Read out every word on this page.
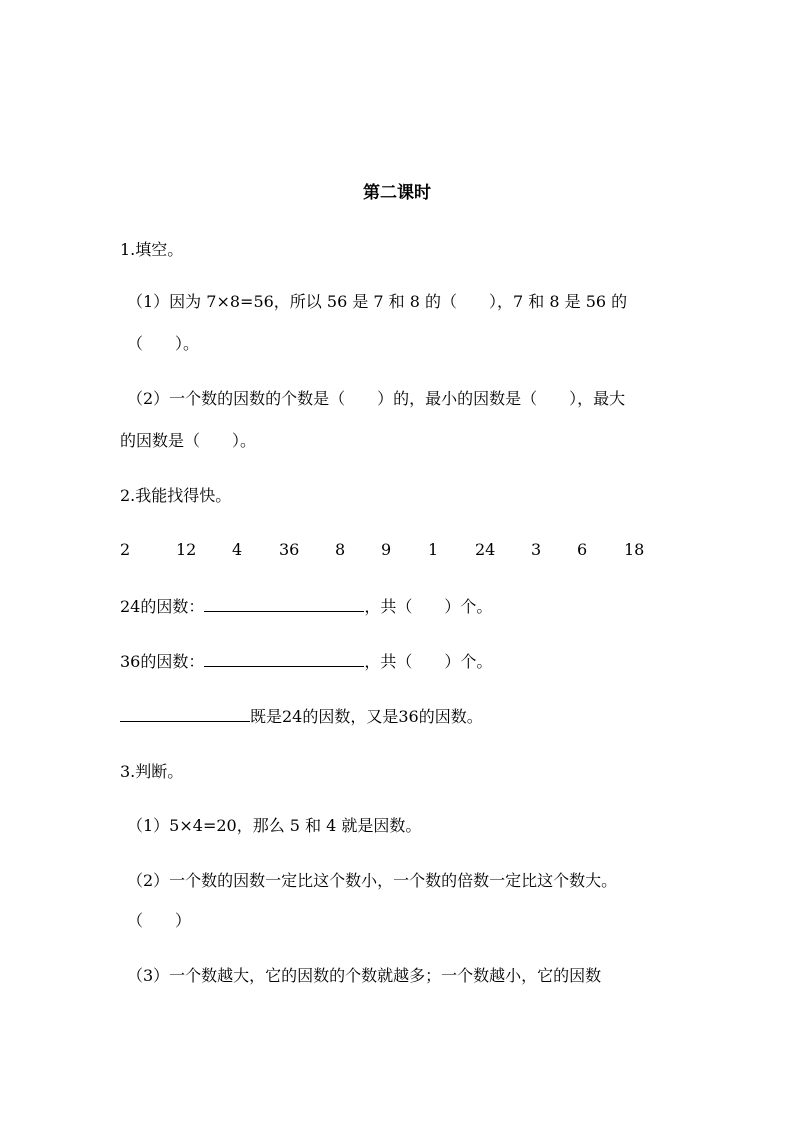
第二课时

1.填空。

（1）因为 7×8=56，所以 56 是 7 和 8 的（　　），7 和 8 是 56 的

（　　）。

（2）一个数的因数的个数是（　　）的，最小的因数是（　　），最大

的因数是（　　）。

2.我能找得快。

2	12 4 36 8 9 1 24 3 6 18

24的因数：	，共（　　）个。

36的因数：	，共（　　）个。

既是24的因数，又是36的因数。

3.判断。

（1）5×4=20，那么 5 和 4 就是因数。

（2）一个数的因数一定比这个数小，一个数的倍数一定比这个数大。

（　　）

（3）一个数越大，它的因数的个数就越多；一个数越小，它的因数
